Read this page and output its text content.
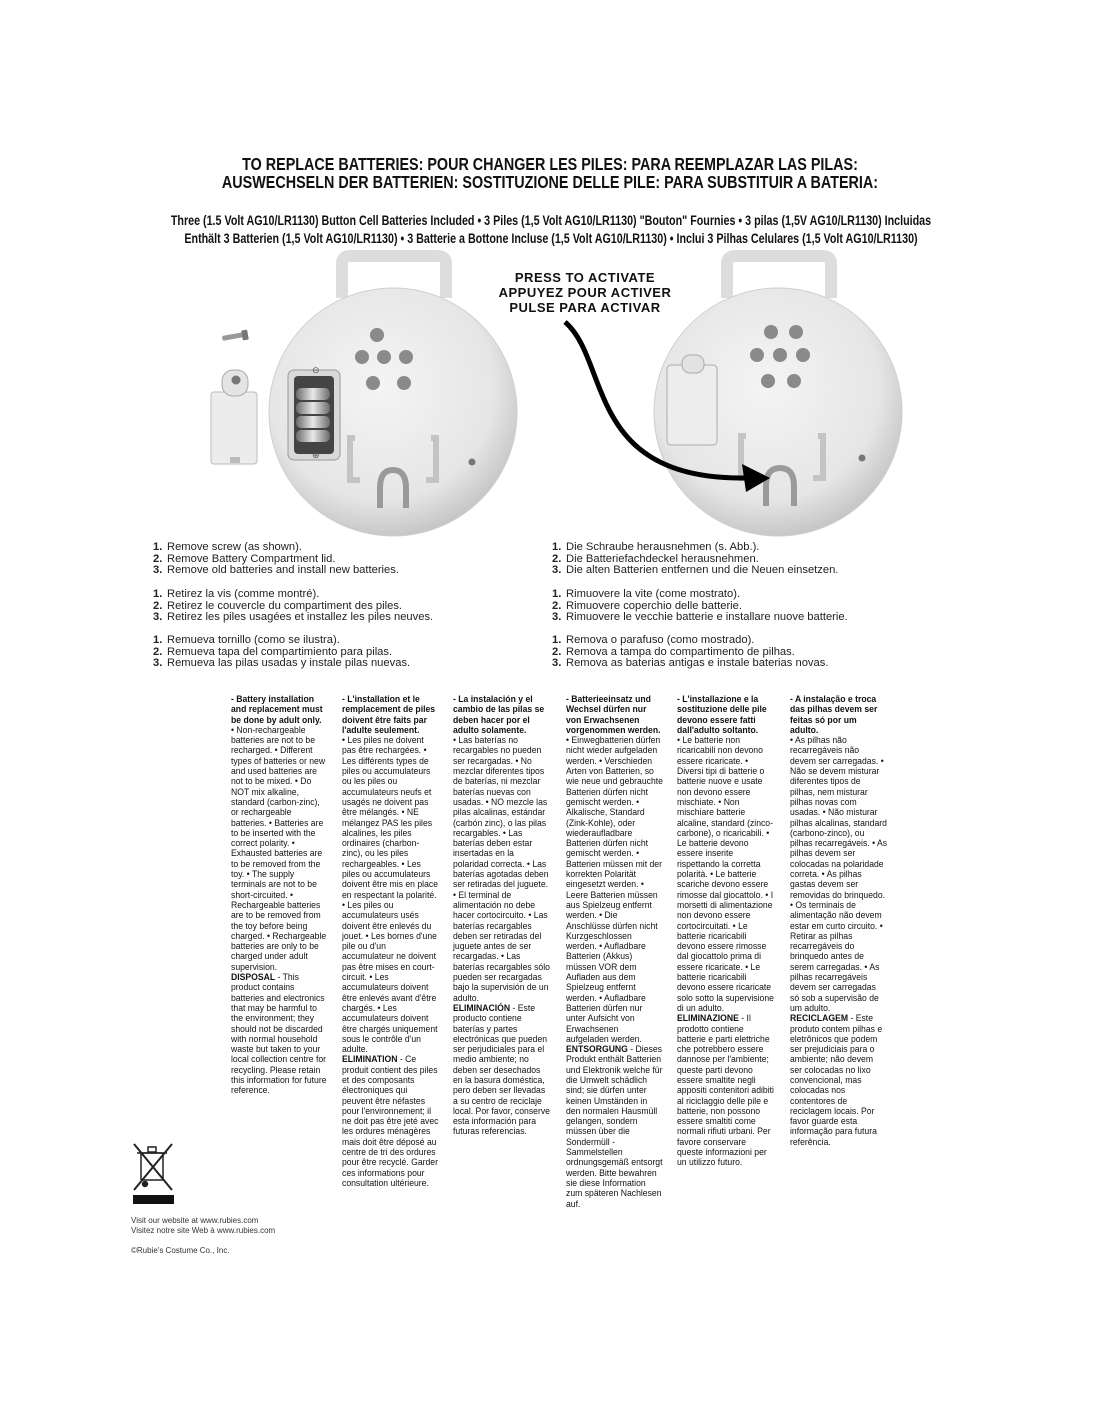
TO REPLACE BATTERIES: POUR CHANGER LES PILES: PARA REEMPLAZAR LAS PILAS:
AUSWECHSELN DER BATTERIEN: SOSTITUZIONE DELLE PILE: PARA SUBSTITUIR A BATERIA:
Three (1.5 Volt AG10/LR1130) Button Cell Batteries Included • 3 Piles (1,5 Volt AG10/LR1130) "Bouton" Fournies • 3 pilas (1,5V AG10/LR1130) Incluidas
Enthält 3 Batterien (1,5 Volt AG10/LR1130) • 3 Batterie a Bottone Incluse (1,5 Volt AG10/LR1130) • Inclui 3 Pilhas Celulares (1,5 Volt AG10/LR1130)
⊖
⊕
PRESS TO ACTIVATE
APPUYEZ POUR ACTIVER
PULSE PARA ACTIVAR
1. Remove screw (as shown).
2. Remove Battery Compartment lid.
3. Remove old batteries and install new batteries.
1. Retirez la vis (comme montré).
2. Retirez le couvercle du compartiment des piles.
3. Retirez les piles usagées et installez les piles neuves.
1. Remueva tornillo (como se ilustra).
2. Remueva tapa del compartimiento para pilas.
3. Remueva las pilas usadas y instale pilas nuevas.
1. Die Schraube herausnehmen (s. Abb.).
2. Die Batteriefachdeckel herausnehmen.
3. Die alten Batterien entfernen und die Neuen einsetzen.
1. Rimuovere la vite (come mostrato).
2. Rimuovere coperchio delle batterie.
3. Rimuovere le vecchie batterie e installare nuove batterie.
1. Remova o parafuso (como mostrado).
2. Remova a tampa do compartimento de pilhas.
3. Remova as baterias antigas e instale baterias novas.
- Battery installation and replacement must be done by adult only.
• Non-rechargeable batteries are not to be recharged. • Different types of batteries or new and used batteries are not to be mixed. • Do NOT mix alkaline, standard (carbon-zinc), or rechargeable batteries. • Batteries are to be inserted with the correct polarity. • Exhausted batteries are to be removed from the toy. • The supply terminals are not to be short-circuited. • Rechargeable batteries are to be removed from the toy before being charged. • Rechargeable batteries are only to be charged under adult supervision.
DISPOSAL - This product contains batteries and electronics that may be harmful to the environment; they should not be discarded with normal household waste but taken to your local collection centre for recycling. Please retain this information for future reference.
- L'installation et le remplacement de piles doivent être faits par l'adulte seulement.
• Les piles ne doivent pas être rechargées. • Les différents types de piles ou accumulateurs ou les piles ou accumulateurs neufs et usagés ne doivent pas être mélangés. • NE mélangez PAS les piles alcalines, les piles ordinaires (charbon-zinc), ou les piles rechargeables. • Les piles ou accumulateurs doivent être mis en place en respectant la polarité. • Les piles ou accumulateurs usés doivent être enlevés du jouet. • Les bornes d'une pile ou d'un accumulateur ne doivent pas être mises en court-circuit. • Les accumulateurs doivent être enlevés avant d'être chargés. • Les accumulateurs doivent être chargés uniquement sous le contrôle d'un adulte.
ELIMINATION - Ce produit contient des piles et des composants électroniques qui peuvent être néfastes pour l'environnement; il ne doit pas être jeté avec les ordures ménagères mais doit être déposé au centre de tri des ordures pour être recyclé. Garder ces informations pour consultation ultérieure.
- La instalación y el cambio de las pilas se deben hacer por el adulto solamente.
• Las baterías no recargables no pueden ser recargadas. • No mezclar diferentes tipos de baterías, ni mezclar baterías nuevas con usadas. • NO mezcle las pilas alcalinas, estándar (carbón zinc), o las pilas recargables. • Las baterías deben estar insertadas en la polaridad correcta. • Las baterías agotadas deben ser retiradas del juguete. • El terminal de alimentación no debe hacer cortocircuito. • Las baterías recargables deben ser retiradas del juguete antes de ser recargadas. • Las baterías recargables sólo pueden ser recargadas bajo la supervisión de un adulto.
ELIMINACIÓN - Este producto contiene baterías y partes electrónicas que pueden ser perjudiciales para el medio ambiente; no deben ser desechados en la basura doméstica, pero deben ser llevadas a su centro de reciclaje local. Por favor, conserve esta información para futuras referencias.
- Batterieeinsatz und Wechsel dürfen nur von Erwachsenen vorgenommen werden.
• Einwegbatterien dürfen nicht wieder aufgeladen werden. • Verschieden Arten von Batterien, so wie neue und gebrauchte Batterien dürfen nicht gemischt werden. • Alkalische, Standard (Zink-Kohle), oder wiederaufladbare Batterien dürfen nicht gemischt werden. • Batterien müssen mit der korrekten Polarität eingesetzt werden. • Leere Batterien müssen aus Spielzeug entfernt werden. • Die Anschlüsse dürfen nicht Kurzgeschlossen werden. • Aufladbare Batterien (Akkus) müssen VOR dem Aufladen aus dem Spielzeug entfernt werden. • Aufladbare Batterien dürfen nur unter Aufsicht von Erwachsenen aufgeladen werden.
ENTSORGUNG - Dieses Produkt enthält Batterien und Elektronik welche für die Umwelt schädlich sind; sie dürfen unter keinen Umständen in den normalen Hausmüll gelangen, sondern müssen über die Sondermüll - Sammelstellen ordnungsgemäß entsorgt werden. Bitte bewahren sie diese Information zum späteren Nachlesen auf.
- L'installazione e la sostituzione delle pile devono essere fatti dall'adulto soltanto.
• Le batterie non ricaricabili non devono essere ricaricate. • Diversi tipi di batterie o batterie nuove e usate non devono essere mischiate. • Non mischiare batterie alcaline, standard (zinco-carbone), o ricaricabili. • Le batterie devono essere inserite rispettando la corretta polarità. • Le batterie scariche devono essere rimosse dal giocattolo. • I morsetti di alimentazione non devono essere cortocircuitati. • Le batterie ricaricabili devono essere rimosse dal giocattolo prima di essere ricaricate. • Le batterie ricaricabili devono essere ricaricate solo sotto la supervisione di un adulto.
ELIMINAZIONE - Il prodotto contiene batterie e parti elettriche che potrebbero essere dannose per l'ambiente; queste parti devono essere smaltite negli appositi contenitori adibiti al riciclaggio delle pile e batterie, non possono essere smaltiti come normali rifiuti urbani. Per favore conservare queste informazioni per un utilizzo futuro.
- A instalação e troca das pilhas devem ser feitas só por um adulto.
• As pilhas não recarregáveis não devem ser carregadas. • Não se devem misturar diferentes tipos de pilhas, nem misturar pilhas novas com usadas. • Não misturar pilhas alcalinas, standard (carbono-zinco), ou pilhas recarregáveis. • As pilhas devem ser colocadas na polaridade correta. • As pilhas gastas devem ser removidas do brinquedo. • Os terminais de alimentação não devem estar em curto circuito. • Retirar as pilhas recarregáveis do brinquedo antes de serem carregadas. • As pilhas recarregáveis devem ser carregadas só sob a supervisão de um adulto.
RECICLAGEM - Este produto contem pilhas e eletrônicos que podem ser prejudiciais para o ambiente; não devem ser colocadas no lixo convencional, mas colocadas nos contentores de reciclagem locais. Por favor guarde esta informação para futura referência.
Visit our website at www.rubies.com
Visitez notre site Web à www.rubies.com
©Rubie's Costume Co., Inc.
